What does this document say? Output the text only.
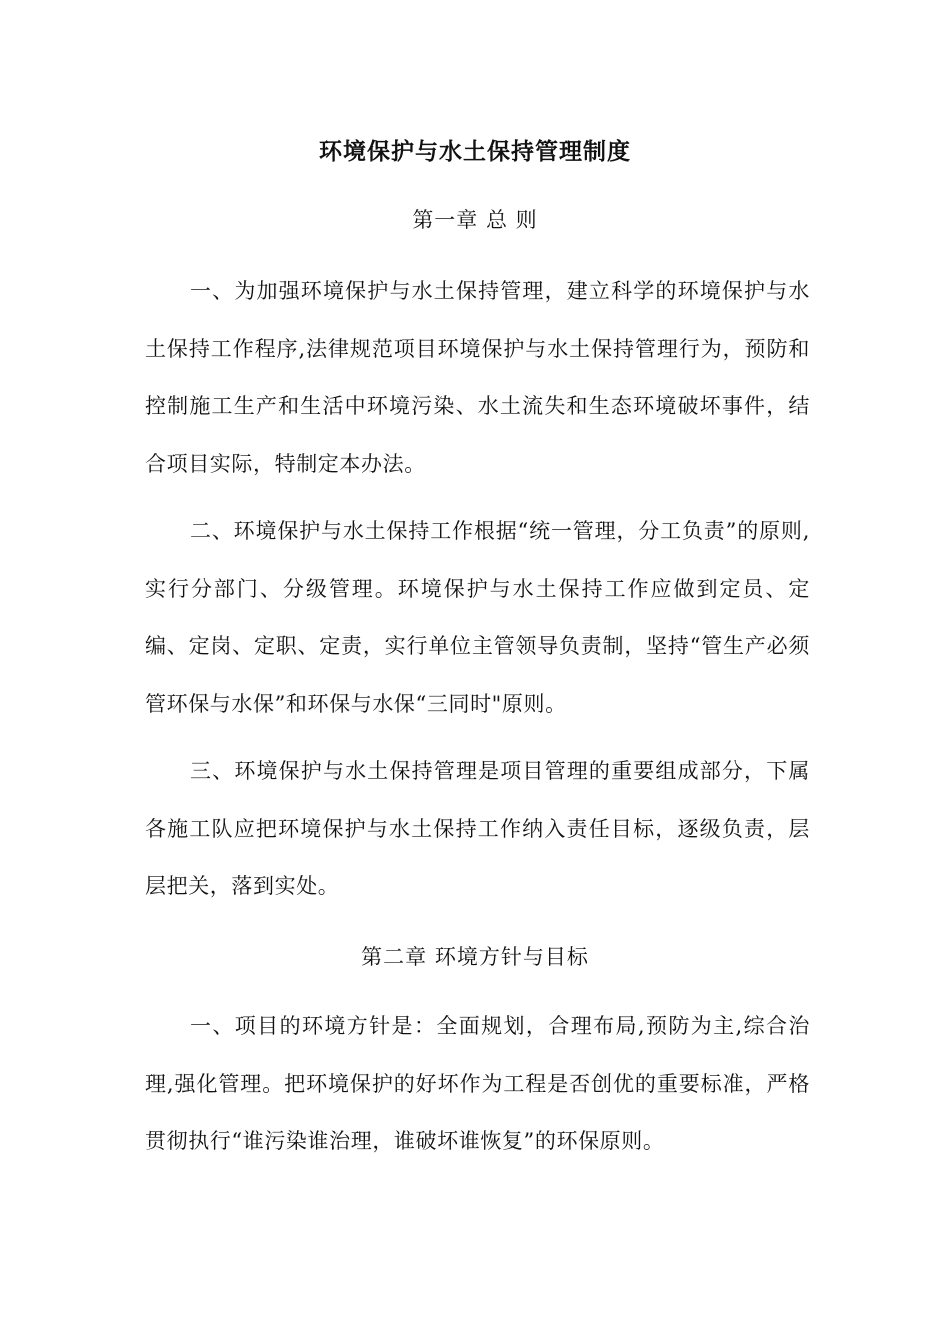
环境保护与水土保持管理制度
第一章 总 则

一、为加强环境保护与水土保持管理，建立科学的环境保护与水土保持工作程序,法律规范项目环境保护与水土保持管理行为，预防和控制施工生产和生活中环境污染、水土流失和生态环境破坏事件，结合项目实际，特制定本办法。

二、环境保护与水土保持工作根据“统一管理，分工负责”的原则,实行分部门、分级管理。环境保护与水土保持工作应做到定员、定编、定岗、定职、定责，实行单位主管领导负责制，坚持“管生产必须管环保与水保”和环保与水保“三同时"原则。

三、环境保护与水土保持管理是项目管理的重要组成部分，下属各施工队应把环境保护与水土保持工作纳入责任目标，逐级负责，层层把关，落到实处。

第二章 环境方针与目标

一、项目的环境方针是：全面规划，合理布局,预防为主,综合治理,强化管理。把环境保护的好坏作为工程是否创优的重要标准，严格贯彻执行“谁污染谁治理，谁破坏谁恢复”的环保原则。
